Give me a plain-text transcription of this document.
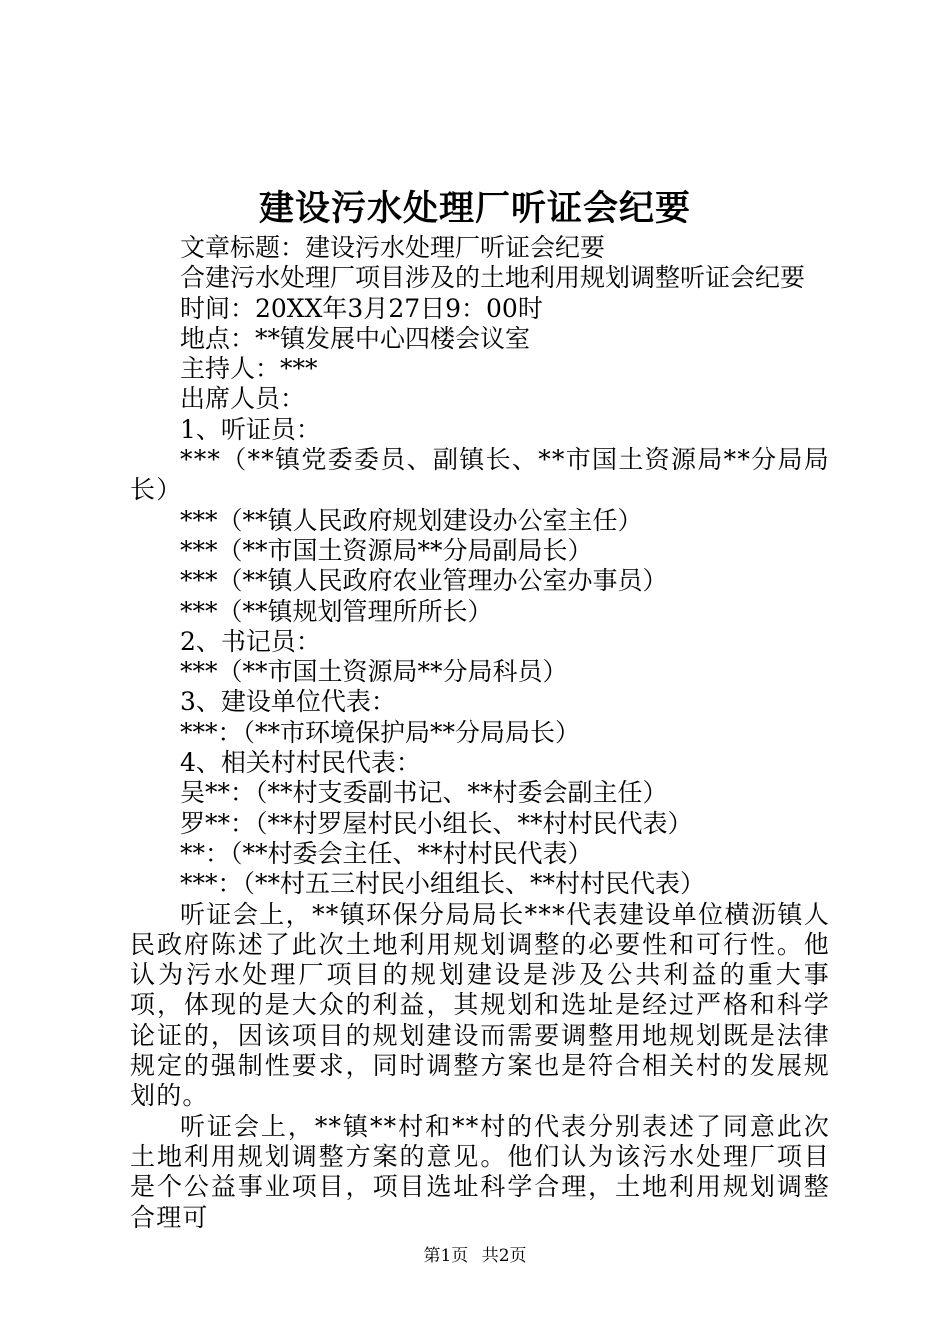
建设污水处理厂听证会纪要
文章标题：建设污水处理厂听证会纪要
合建污水处理厂项目涉及的土地利用规划调整听证会纪要
时间：20XX年3月27日9：00时
地点：**镇发展中心四楼会议室
主持人：***
出席人员：
1、听证员：
***（**镇党委委员、副镇长、**市国土资源局**分局局长）
***（**镇人民政府规划建设办公室主任）
***（**市国土资源局**分局副局长）
***（**镇人民政府农业管理办公室办事员）
***（**镇规划管理所所长）
2、书记员：
***（**市国土资源局**分局科员）
3、建设单位代表：
***：（**市环境保护局**分局局长）
4、相关村村民代表：
吴**：（**村支委副书记、**村委会副主任）
罗**：（**村罗屋村民小组长、**村村民代表）
**：（**村委会主任、**村村民代表）
***：（**村五三村民小组组长、**村村民代表）
听证会上，**镇环保分局局长***代表建设单位横沥镇人民政府陈述了此次土地利用规划调整的必要性和可行性。他认为污水处理厂项目的规划建设是涉及公共利益的重大事项，体现的是大众的利益，其规划和选址是经过严格和科学论证的，因该项目的规划建设而需要调整用地规划既是法律规定的强制性要求，同时调整方案也是符合相关村的发展规划的。
听证会上，**镇**村和**村的代表分别表述了同意此次土地利用规划调整方案的意见。他们认为该污水处理厂项目是个公益事业项目，项目选址科学合理，土地利用规划调整合理可
第1页 共2页
